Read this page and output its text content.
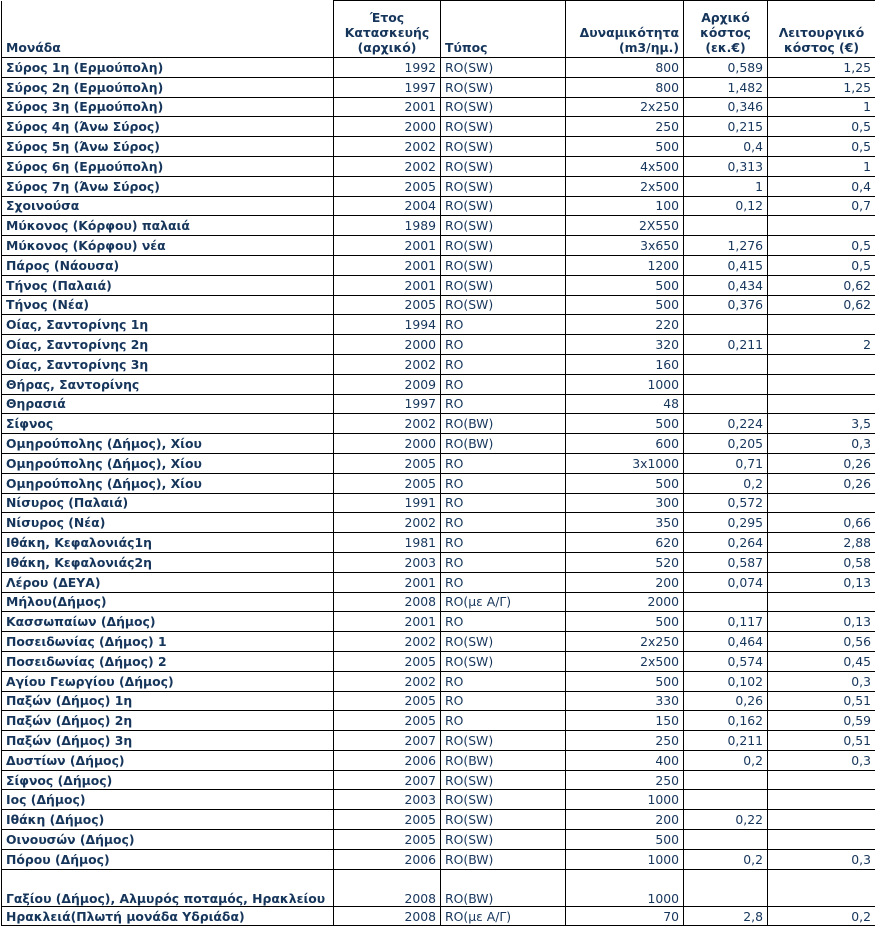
Μονάδα	Έτος Κατασκευής (αρχικό)	Τύπος	Δυναμικότητα (m3/ημ.)	Αρχικό κόστος (εκ.€)	Λειτουργικό κόστος (€)
Σύρος 1η (Ερμούπολη)	1992	RO(SW)	800	0,589	1,25
Σύρος 2η (Ερμούπολη)	1997	RO(SW)	800	1,482	1,25
Σύρος 3η (Ερμούπολη)	2001	RO(SW)	2x250	0,346	1
Σύρος 4η (Άνω Σύρος)	2000	RO(SW)	250	0,215	0,5
Σύρος 5η (Άνω Σύρος)	2002	RO(SW)	500	0,4	0,5
Σύρος 6η (Ερμούπολη)	2002	RO(SW)	4x500	0,313	1
Σύρος 7η (Άνω Σύρος)	2005	RO(SW)	2x500	1	0,4
Σχοινούσα	2004	RO(SW)	100	0,12	0,7
Μύκονος (Κόρφου) παλαιά	1989	RO(SW)	2X550		
Μύκονος (Κόρφου) νέα	2001	RO(SW)	3x650	1,276	0,5
Πάρος (Νάουσα)	2001	RO(SW)	1200	0,415	0,5
Τήνος (Παλαιά)	2001	RO(SW)	500	0,434	0,62
Τήνος (Νέα)	2005	RO(SW)	500	0,376	0,62
Οίας, Σαντορίνης 1η	1994	RO	220		
Οίας, Σαντορίνης 2η	2000	RO	320	0,211	2
Οίας, Σαντορίνης 3η	2002	RO	160		
Θήρας, Σαντορίνης	2009	RO	1000		
Θηρασιά	1997	RO	48		
Σίφνος	2002	RO(BW)	500	0,224	3,5
Ομηρούπολης (Δήμος), Χίου	2000	RO(BW)	600	0,205	0,3
Ομηρούπολης (Δήμος), Χίου	2005	RO	3x1000	0,71	0,26
Ομηρούπολης (Δήμος), Χίου	2005	RO	500	0,2	0,26
Νίσυρος (Παλαιά)	1991	RO	300	0,572	
Νίσυρος (Νέα)	2002	RO	350	0,295	0,66
Ιθάκη, Κεφαλονιάς1η	1981	RO	620	0,264	2,88
Ιθάκη, Κεφαλονιάς2η	2003	RO	520	0,587	0,58
Λέρου (ΔΕΥΑ)	2001	RO	200	0,074	0,13
Μήλου(Δήμος)	2008	RO(με Α/Γ)	2000		
Κασσωπαίων (Δήμος)	2001	RO	500	0,117	0,13
Ποσειδωνίας (Δήμος) 1	2002	RO(SW)	2x250	0,464	0,56
Ποσειδωνίας (Δήμος) 2	2005	RO(SW)	2x500	0,574	0,45
Αγίου Γεωργίου (Δήμος)	2002	RO	500	0,102	0,3
Παξών (Δήμος) 1η	2005	RO	330	0,26	0,51
Παξών (Δήμος) 2η	2005	RO	150	0,162	0,59
Παξών (Δήμος) 3η	2007	RO(SW)	250	0,211	0,51
Δυστίων (Δήμος)	2006	RO(BW)	400	0,2	0,3
Σίφνος (Δήμος)	2007	RO(SW)	250		
Ιος (Δήμος)	2003	RO(SW)	1000		
Ιθάκη (Δήμος)	2005	RO(SW)	200	0,22	
Οινουσών (Δήμος)	2005	RO(SW)	500		
Πόρου (Δήμος)	2006	RO(BW)	1000	0,2	0,3
Γαξίου (Δήμος), Αλμυρός ποταμός, Ηρακλείου	2008	RO(BW)	1000		
Ηρακλειά(Πλωτή μονάδα Υδριάδα)	2008	RO(με Α/Γ)	70	2,8	0,2
